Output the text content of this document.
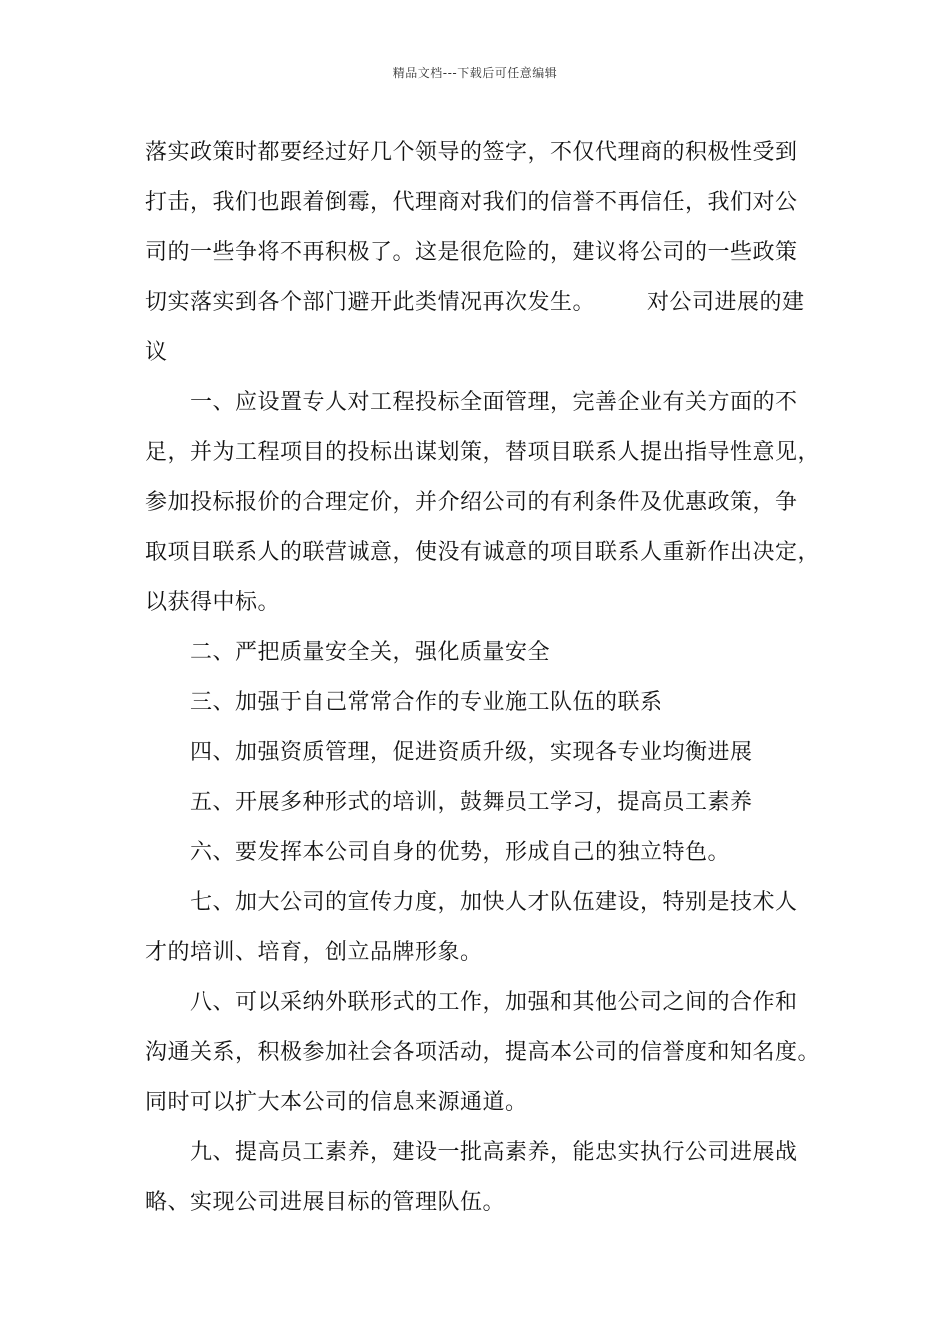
精品文档---下载后可任意编辑
落实政策时都要经过好几个领导的签字，不仅代理商的积极性受到
打击，我们也跟着倒霉，代理商对我们的信誉不再信任，我们对公
司的一些争将不再积极了。这是很危险的，建议将公司的一些政策
切实落实到各个部门避开此类情况再次发生。 对公司进展的建
议
一、应设置专人对工程投标全面管理，完善企业有关方面的不
足，并为工程项目的投标出谋划策，替项目联系人提出指导性意见，
参加投标报价的合理定价，并介绍公司的有利条件及优惠政策，争
取项目联系人的联营诚意，使没有诚意的项目联系人重新作出决定，
以获得中标。
二、严把质量安全关，强化质量安全
三、加强于自己常常合作的专业施工队伍的联系
四、加强资质管理，促进资质升级，实现各专业均衡进展
五、开展多种形式的培训，鼓舞员工学习，提高员工素养
六、要发挥本公司自身的优势，形成自己的独立特色。
七、加大公司的宣传力度，加快人才队伍建设，特别是技术人
才的培训、培育，创立品牌形象。
八、可以采纳外联形式的工作，加强和其他公司之间的合作和
沟通关系，积极参加社会各项活动，提高本公司的信誉度和知名度。
同时可以扩大本公司的信息来源通道。
九、提高员工素养，建设一批高素养，能忠实执行公司进展战
略、实现公司进展目标的管理队伍。
